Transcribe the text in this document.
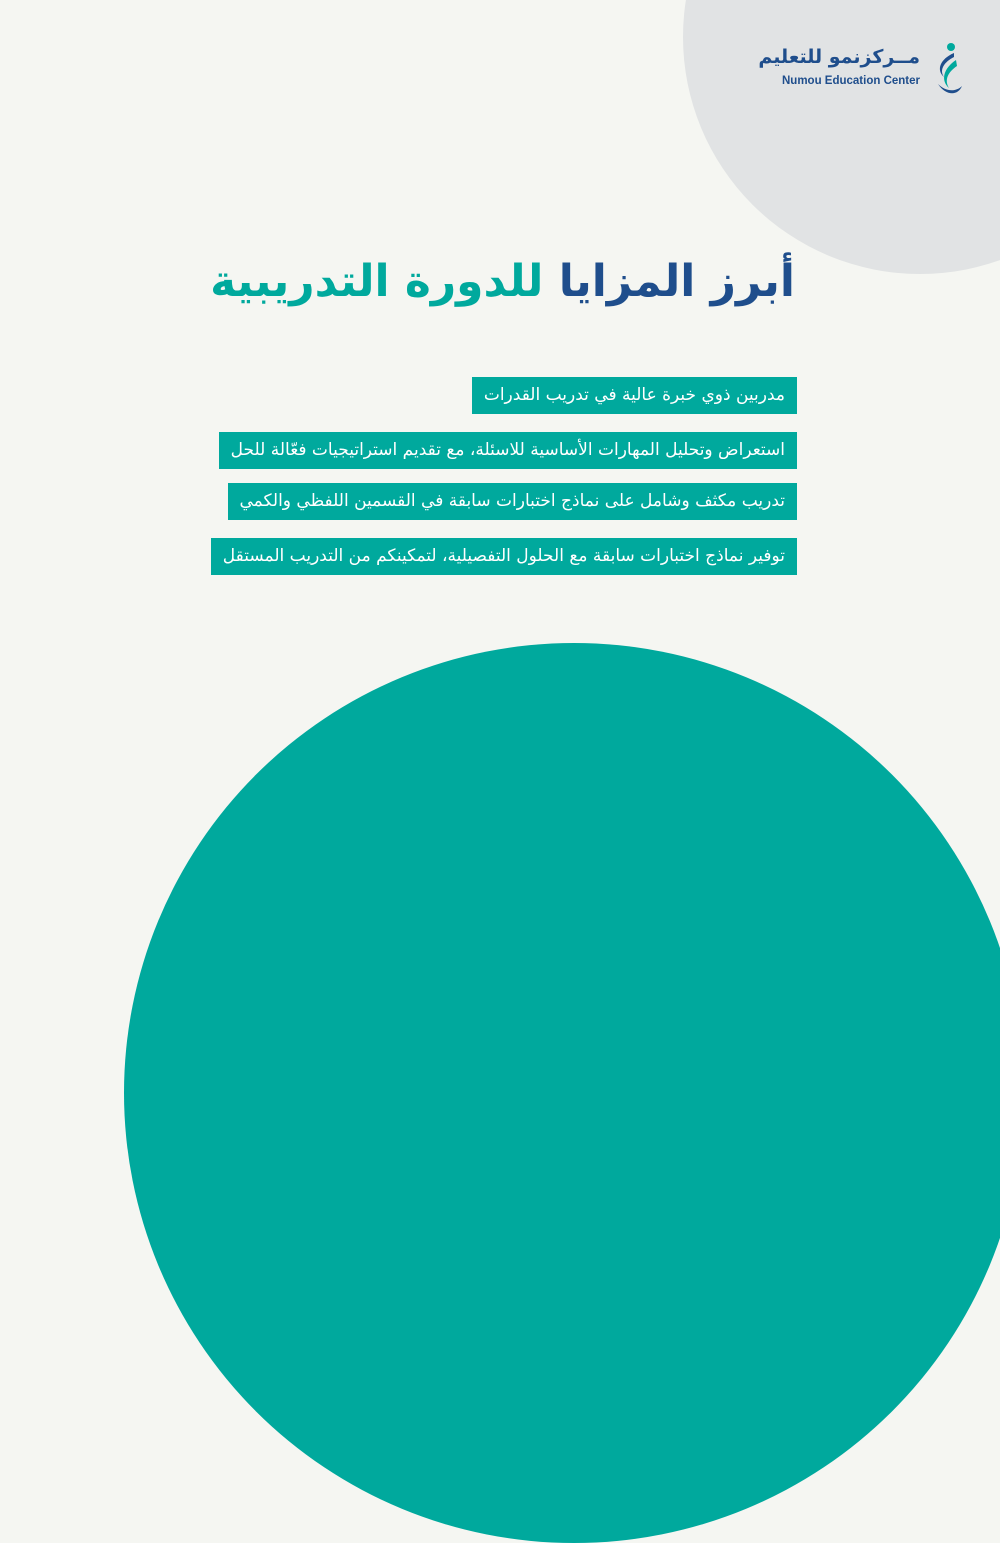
مــركزنمو للتعليم
Numou Education Center
أبرز المزايا للدورة التدريبية
مدربين ذوي خبرة عالية في تدريب القدرات
استعراض وتحليل المهارات الأساسية للاسئلة، مع تقديم استراتيجيات فعّالة للحل
تدريب مكثف وشامل على نماذج اختبارات سابقة في القسمين اللفظي والكمي
توفير نماذج اختبارات سابقة مع الحلول التفصيلية، لتمكينكم من التدريب المستقل
